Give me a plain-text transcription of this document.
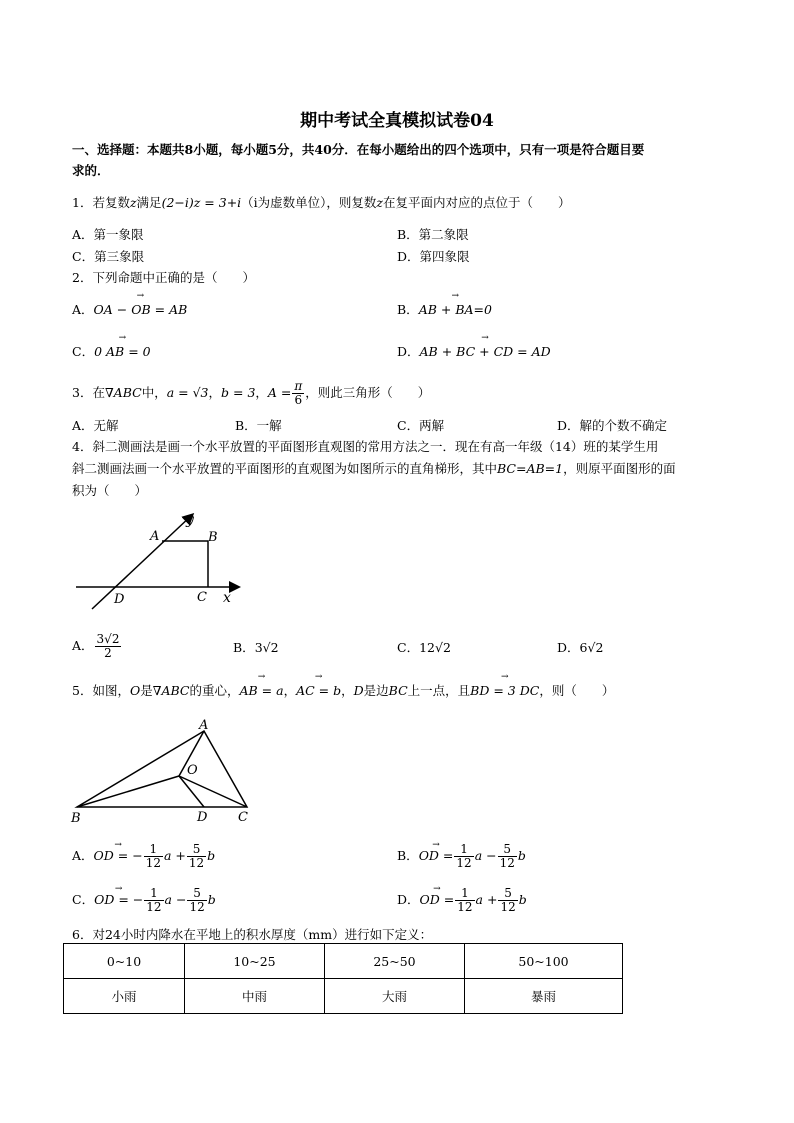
期中考试全真模拟试卷04
一、选择题：本题共8小题，每小题5分，共40分．在每小题给出的四个选项中，只有一项是符合题目要
求的．
1．若复数z满足(2−i)z = 3+i（i为虚数单位），则复数z在复平面内对应的点位于（　　）
A．第一象限	B．第二象限
C．第三象限	D．第四象限
2．下列命题中正确的是（　　）
A．→ OA − OB = AB	B．→ AB + BA=0
C．→ 0 AB = 0	D．→ AB + BC + CD = AD
3．在∇ABC中，a = √3，b = 3，$A = \frac{\pi}{6}$ ，则此三角形（　　）
A．无解	B．一解	C．两解	D．解的个数不确定
4．斜二测画法是画一个水平放置的平面图形直观图的常用方法之一．现在有高一年级（14）班的某学生用
斜二测画法画一个水平放置的平面图形的直观图为如图所示的直角梯形，其中BC=AB=1，则原平面图形的面
积为（　　）
A	B
C
D	x
y
A． $\frac{3√2}{2}$	B．3√2	C．12√2	D．6√2
5．如图，O是∇ABC的重心，→ AB = a，→ AC = b，D是边BC上一点，且→ BD = 3 DC，则（　　）
A
B	C
D
O
A．→ OD = − $\frac{1}{12}$ $a + \frac{5}{12}$ b	B．→ OD = $\frac{1}{12}$ $a - \frac{5}{12}$ b
C．→ OD = − $\frac{1}{12}$ $a - \frac{5}{12}$ b	D．→ OD = $\frac{1}{12}$ $a + \frac{5}{12}$ b
6．对24小时内降水在平地上的积水厚度（mm）进行如下定义：
0~10	10~25	25~50	50~100
小雨	中雨	大雨	暴雨
